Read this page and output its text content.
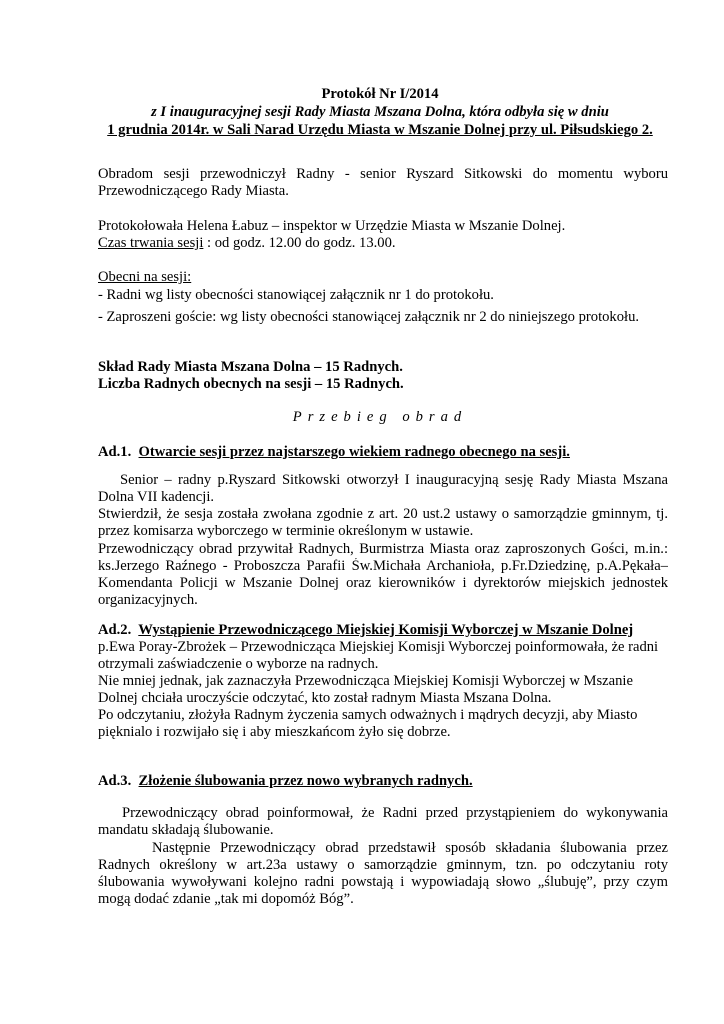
Protokół Nr I/2014
z I inauguracyjnej sesji Rady Miasta Mszana Dolna, która odbyła się w dniu
1 grudnia 2014r. w Sali Narad Urzędu Miasta w Mszanie Dolnej przy ul. Piłsudskiego 2.
Obradom sesji przewodniczył Radny - senior Ryszard Sitkowski do momentu wyboru
Przewodniczącego Rady Miasta.
Protokołowała Helena Łabuz – inspektor w Urzędzie Miasta w Mszanie Dolnej.
Czas trwania sesji : od godz. 12.00 do godz. 13.00.
Obecni na sesji:
- Radni wg listy obecności stanowiącej załącznik nr 1 do protokołu.
- Zaproszeni goście: wg listy obecności stanowiącej załącznik nr 2 do niniejszego protokołu.
Skład Rady Miasta Mszana Dolna – 15 Radnych.
Liczba Radnych obecnych na sesji – 15 Radnych.
Przebieg obrad
Ad.1. Otwarcie sesji przez najstarszego wiekiem radnego obecnego na sesji.
Senior – radny p.Ryszard Sitkowski otworzył I inauguracyjną sesję Rady Miasta Mszana
Dolna VII kadencji.
Stwierdził, że sesja została zwołana zgodnie z art. 20 ust.2 ustawy o samorządzie gminnym, tj.
przez komisarza wyborczego w terminie określonym w ustawie.
Przewodniczący obrad przywitał Radnych, Burmistrza Miasta oraz zaproszonych Gości, m.in.:
ks.Jerzego Raźnego - Proboszcza Parafii Św.Michała Archanioła, p.Fr.Dziedzinę, p.A.Pękała–
Komendanta Policji w Mszanie Dolnej oraz kierowników i dyrektorów miejskich jednostek
organizacyjnych.
Ad.2. Wystąpienie Przewodniczącego Miejskiej Komisji Wyborczej w Mszanie Dolnej
p.Ewa Poray-Zbrożek – Przewodnicząca Miejskiej Komisji Wyborczej poinformowała, że radni
otrzymali zaświadczenie o wyborze na radnych.
Nie mniej jednak, jak zaznaczyła Przewodnicząca Miejskiej Komisji Wyborczej w Mszanie
Dolnej chciała uroczyście odczytać, kto został radnym Miasta Mszana Dolna.
Po odczytaniu, złożyła Radnym życzenia samych odważnych i mądrych decyzji, aby Miasto
pięknialo i rozwijało się i aby mieszkańcom żyło się dobrze.
Ad.3. Złożenie ślubowania przez nowo wybranych radnych.
Przewodniczący obrad poinformował, że Radni przed przystąpieniem do wykonywania
mandatu składają ślubowanie.
Następnie Przewodniczący obrad przedstawił sposób składania ślubowania przez
Radnych określony w art.23a ustawy o samorządzie gminnym, tzn. po odczytaniu roty
ślubowania wywoływani kolejno radni powstają i wypowiadają słowo „ślubuję”, przy czym
mogą dodać zdanie „tak mi dopomóż Bóg”.
